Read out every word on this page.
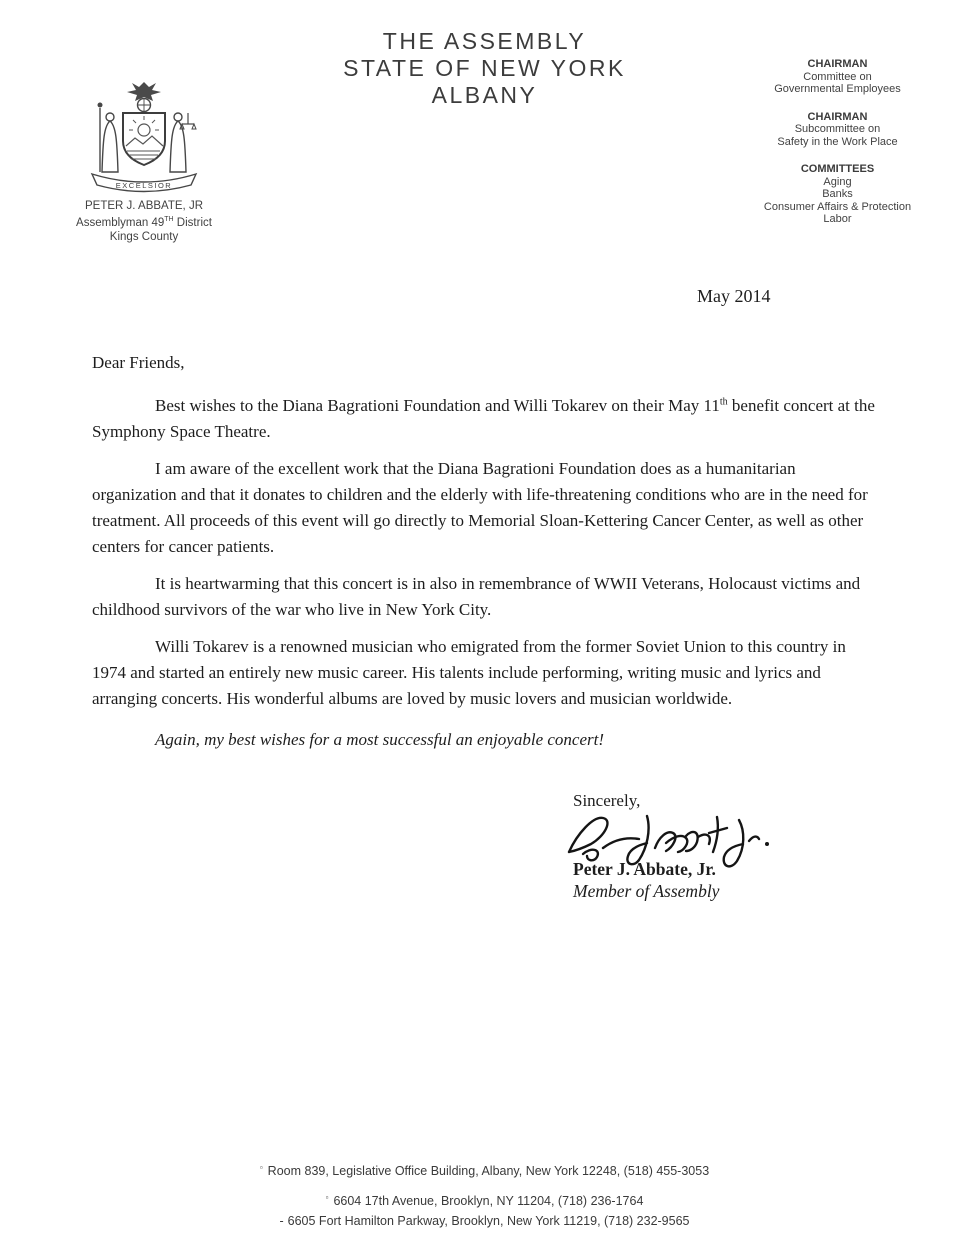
THE ASSEMBLY
STATE OF NEW YORK
ALBANY
EXCELSIOR
PETER J. ABBATE, JR
Assemblyman 49TH District
Kings County
CHAIRMAN
Committee on
Governmental Employees
CHAIRMAN
Subcommittee on
Safety in the Work Place
COMMITTEES
Aging
Banks
Consumer Affairs & Protection
Labor
May 2014
Dear Friends,

Best wishes to the Diana Bagrationi Foundation and Willi Tokarev on their May 11th benefit concert at the Symphony Space Theatre.

I am aware of the excellent work that the Diana Bagrationi Foundation does as a humanitarian organization and that it donates to children and the elderly with life-threatening conditions who are in the need for treatment. All proceeds of this event will go directly to Memorial Sloan-Kettering Cancer Center, as well as other centers for cancer patients.

It is heartwarming that this concert is in also in remembrance of WWII Veterans, Holocaust victims and childhood survivors of the war who live in New York City.

Willi Tokarev is a renowned musician who emigrated from the former Soviet Union to this country in 1974 and started an entirely new music career. His talents include performing, writing music and lyrics and arranging concerts. His wonderful albums are loved by music lovers and musician worldwide.

Again, my best wishes for a most successful an enjoyable concert!

Sincerely,
Peter J. Abbate, Jr.
Member of Assembly
▫ Room 839, Legislative Office Building, Albany, New York 12248, (518) 455-3053
▫ 6604 17th Avenue, Brooklyn, NY 11204, (718) 236-1764
- 6605 Fort Hamilton Parkway, Brooklyn, New York 11219, (718) 232-9565
